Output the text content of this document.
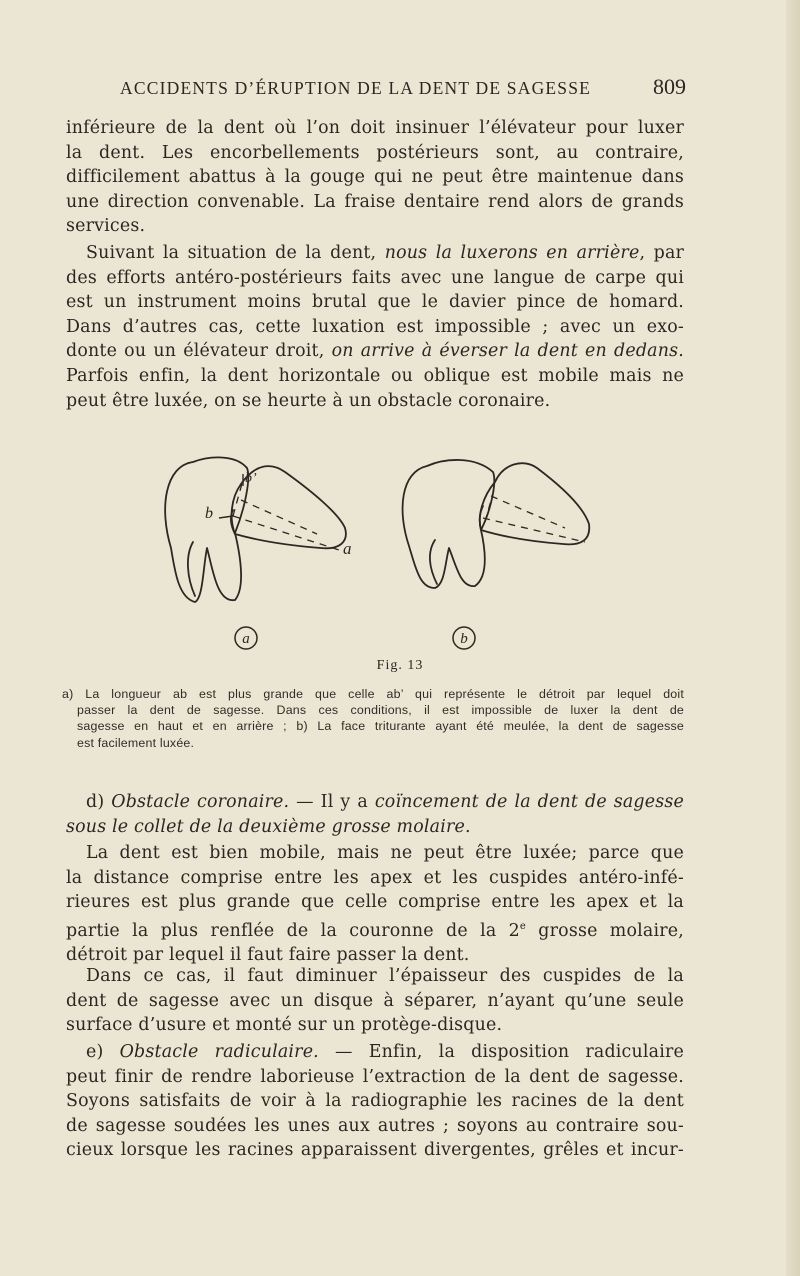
ACCIDENTS D’ÉRUPTION DE LA DENT DE SAGESSE	809
inférieure de la dent où l’on doit insinuer l’élévateur pour luxer
la dent. Les encorbellements postérieurs sont, au contraire,
difficilement abattus à la gouge qui ne peut être maintenue dans
une direction convenable. La fraise dentaire rend alors de grands
services.
Suivant la situation de la dent, nous la luxerons en arrière, par
des efforts antéro-postérieurs faits avec une langue de carpe qui
est un instrument moins brutal que le davier pince de homard.
Dans d’autres cas, cette luxation est impossible ; avec un exo-
donte ou un élévateur droit, on arrive à éverser la dent en dedans.
Parfois enfin, la dent horizontale ou oblique est mobile mais ne
peut être luxée, on se heurte à un obstacle coronaire.
b
b’
a
a	b
Fig. 13
a) La longueur ab est plus grande que celle ab’ qui représente le détroit par lequel doit
passer la dent de sagesse. Dans ces conditions, il est impossible de luxer la dent de
sagesse en haut et en arrière ; b) La face triturante ayant été meulée, la dent de sagesse
est facilement luxée.
d) Obstacle coronaire. — Il y a coïncement de la dent de sagesse
sous le collet de la deuxième grosse molaire.
La dent est bien mobile, mais ne peut être luxée; parce que
la distance comprise entre les apex et les cuspides antéro-infé-
rieures est plus grande que celle comprise entre les apex et la
partie la plus renflée de la couronne de la 2e grosse molaire,
détroit par lequel il faut faire passer la dent.
Dans ce cas, il faut diminuer l’épaisseur des cuspides de la
dent de sagesse avec un disque à séparer, n’ayant qu’une seule
surface d’usure et monté sur un protège-disque.
e) Obstacle radiculaire. — Enfin, la disposition radiculaire
peut finir de rendre laborieuse l’extraction de la dent de sagesse.
Soyons satisfaits de voir à la radiographie les racines de la dent
de sagesse soudées les unes aux autres ; soyons au contraire sou-
cieux lorsque les racines apparaissent divergentes, grêles et incur-
